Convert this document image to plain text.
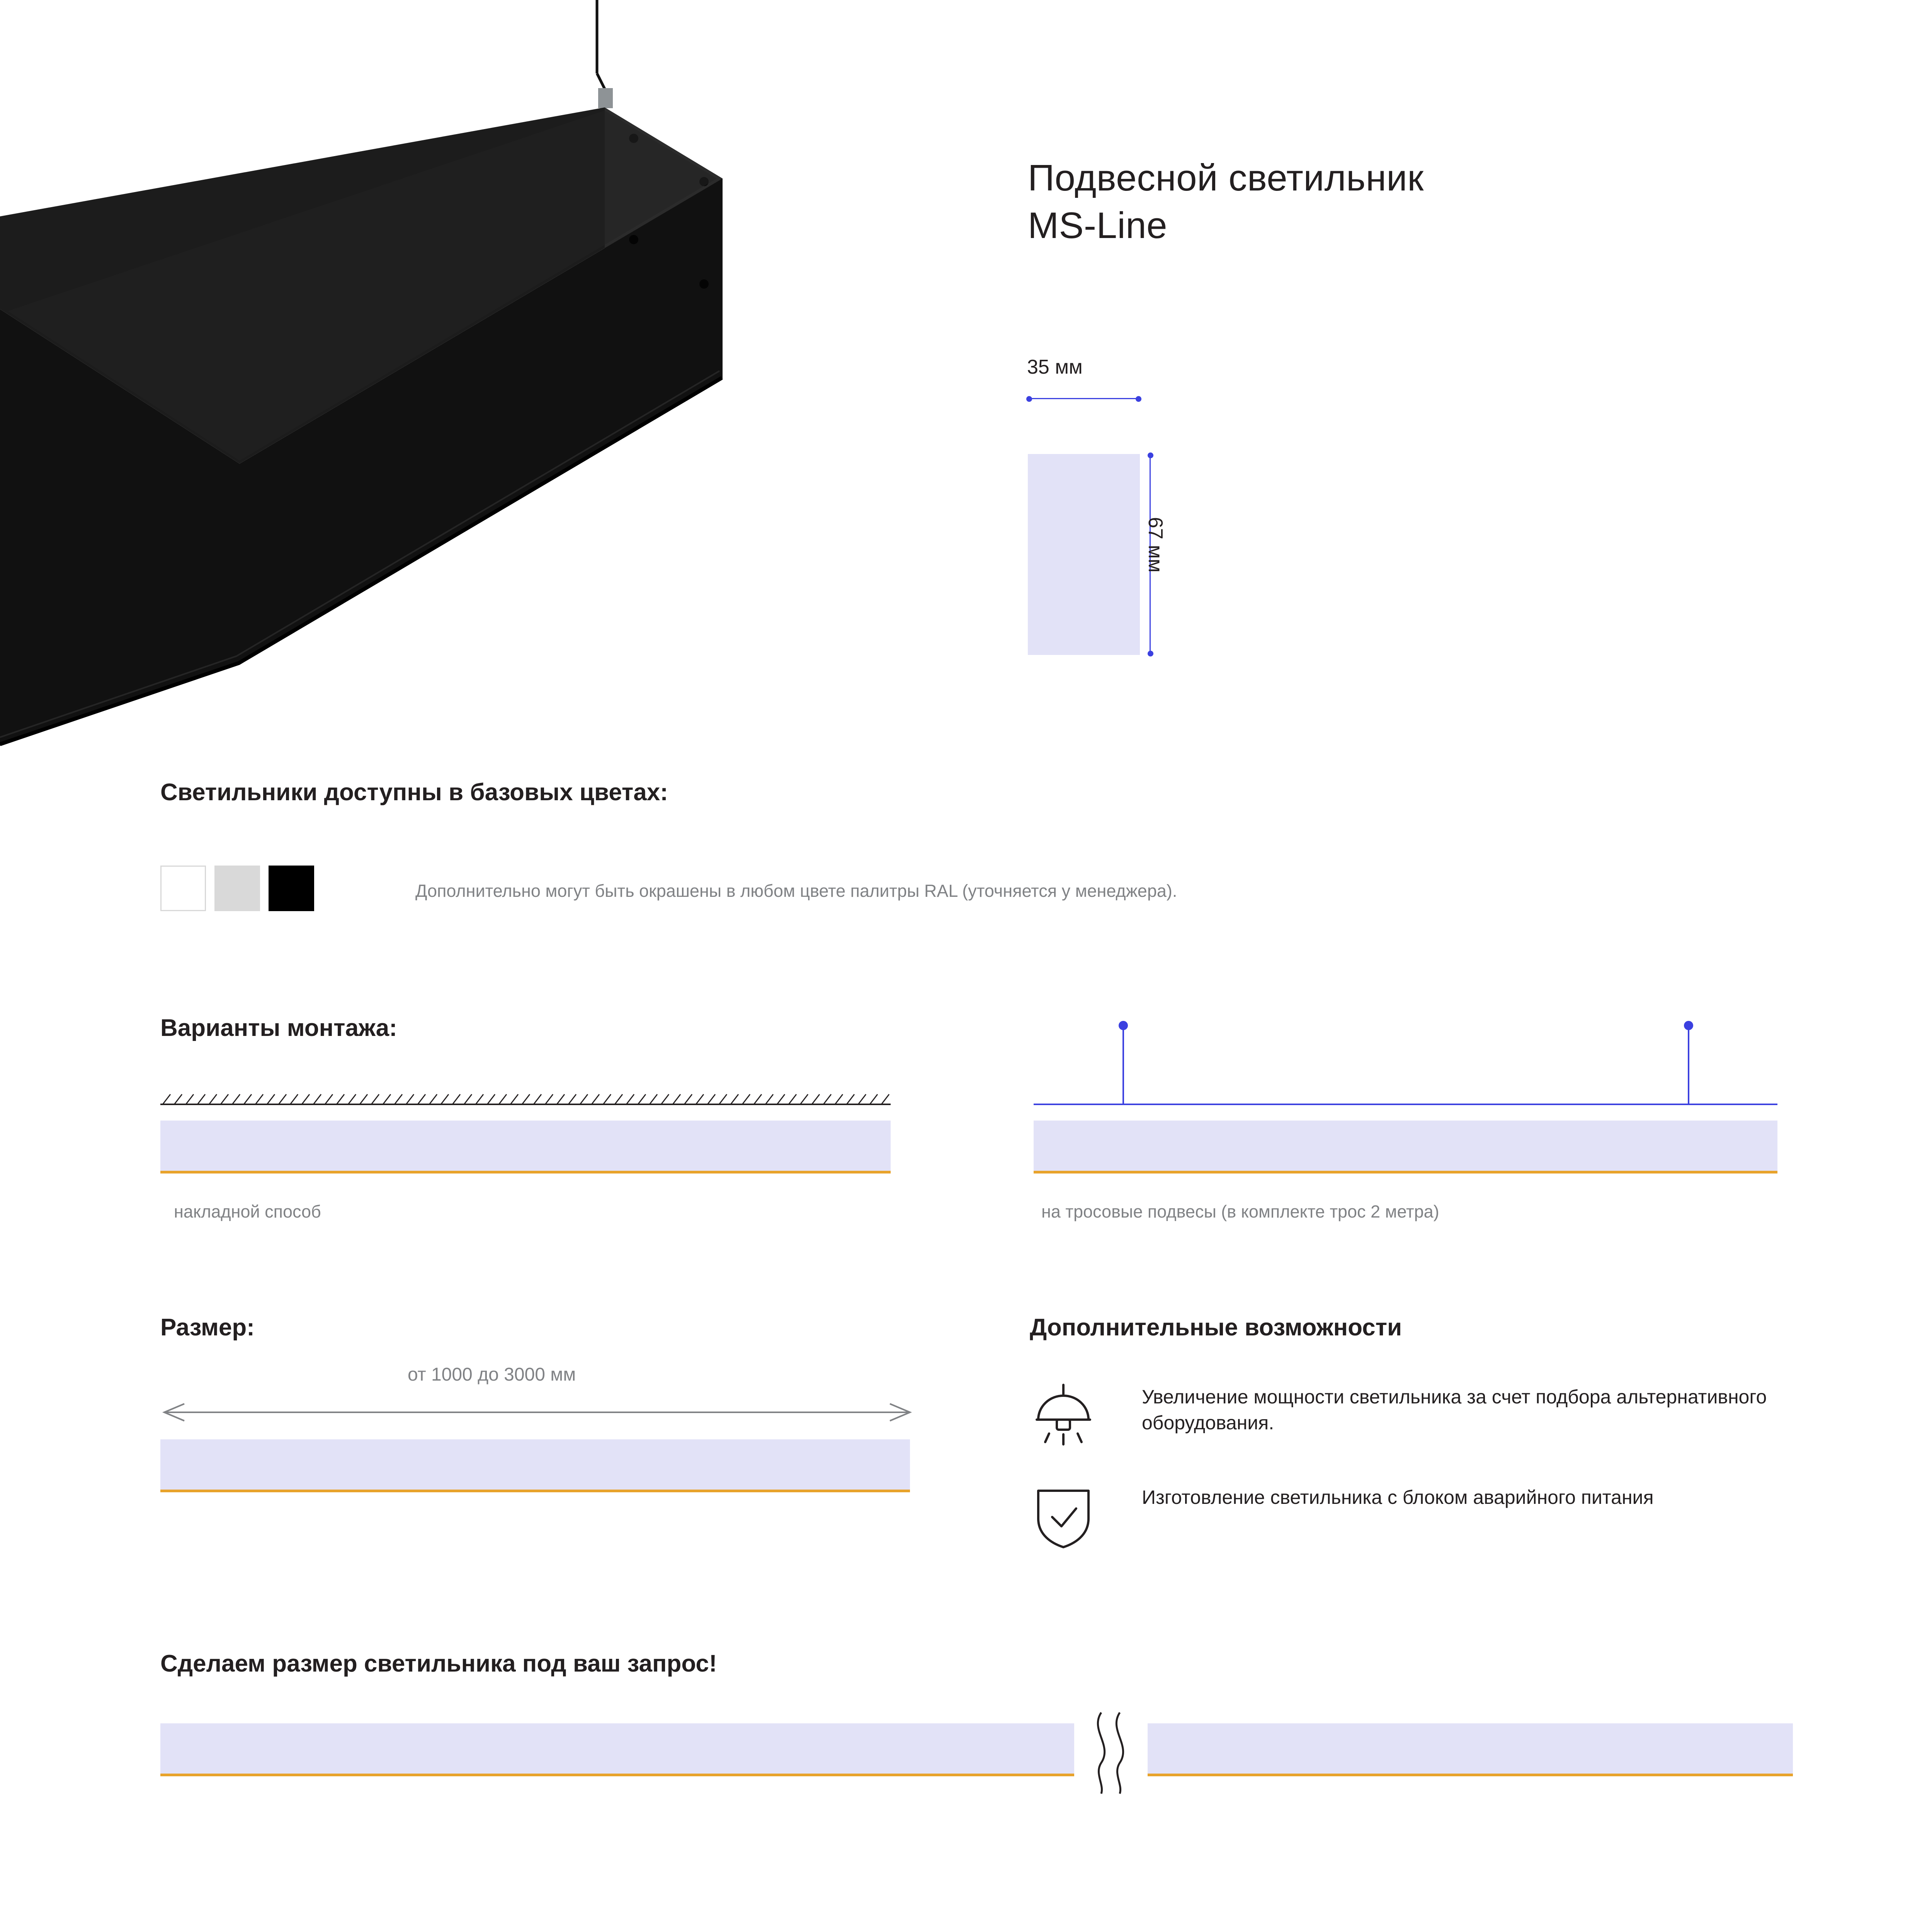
Подвесной светильник
MS-Line
35 мм
67 мм
Светильники доступны в базовых цветах:
Дополнительно могут быть окрашены в любом цвете палитры RAL (уточняется у менеджера).
Варианты монтажа:
накладной способ	на тросовые подвесы (в комплекте трос 2 метра)
Размер:
от 1000 до 3000 мм
Дополнительные возможности
Увеличение мощности светильника за счет подбора альтернативного оборудования.
Изготовление светильника с блоком аварийного питания
Сделаем размер светильника под ваш запрос!
